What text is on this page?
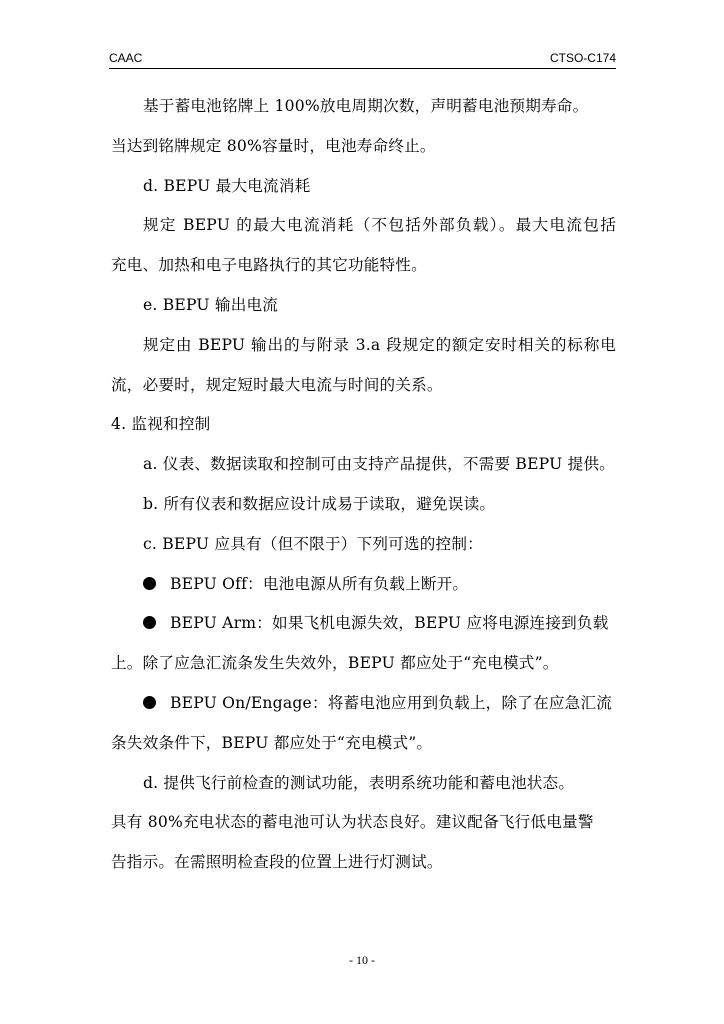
CAAC	CTSO-C174
基于蓄电池铭牌上 100%放电周期次数，声明蓄电池预期寿命。
当达到铭牌规定 80%容量时，电池寿命终止。
d. BEPU 最大电流消耗
规定 BEPU 的最大电流消耗（不包括外部负载）。最大电流包括
充电、加热和电子电路执行的其它功能特性。
e. BEPU 输出电流
规定由 BEPU 输出的与附录 3.a 段规定的额定安时相关的标称电
流，必要时，规定短时最大电流与时间的关系。
4. 监视和控制
a. 仪表、数据读取和控制可由支持产品提供，不需要 BEPU 提供。
b. 所有仪表和数据应设计成易于读取，避免误读。
c. BEPU 应具有（但不限于）下列可选的控制：
BEPU Off：电池电源从所有负载上断开。
BEPU Arm：如果飞机电源失效，BEPU 应将电源连接到负载
上。除了应急汇流条发生失效外，BEPU 都应处于“充电模式”。
BEPU On/Engage：将蓄电池应用到负载上，除了在应急汇流
条失效条件下，BEPU 都应处于“充电模式”。
d. 提供飞行前检查的测试功能，表明系统功能和蓄电池状态。
具有 80%充电状态的蓄电池可认为状态良好。建议配备飞行低电量警
告指示。在需照明检查段的位置上进行灯测试。
- 10 -
